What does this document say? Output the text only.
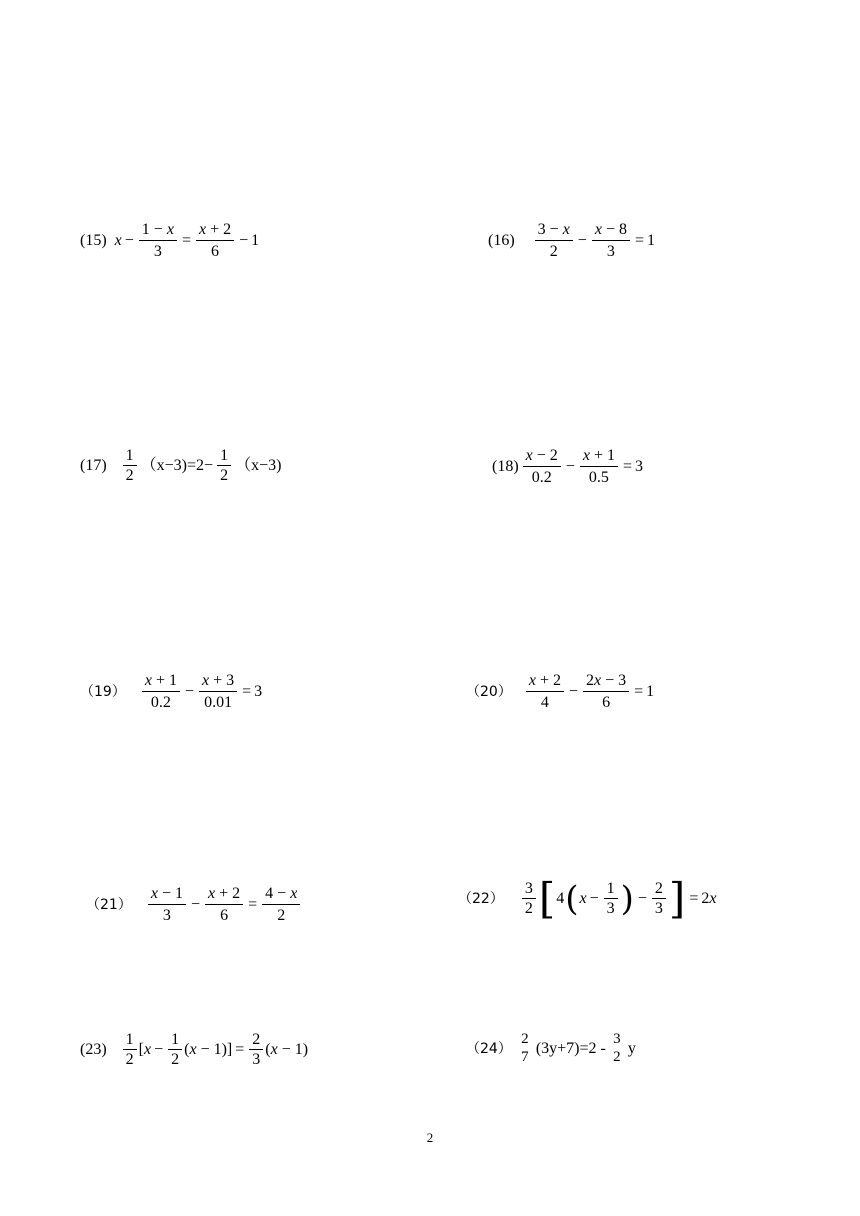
(15) $x - \frac{1 - x}{3} = \frac{x + 2}{6} - 1$	$(16) \frac{3 - x}{2} - \frac{x - 8}{3} = 1$
$(17) \frac{1}{2} (x-3)=2- \frac{1}{2} (x-3)$	$(18) \frac{x - 2}{0.2} - \frac{x + 1}{0.5} = 3$
$(19) \frac{x + 1}{0.2} - \frac{x + 3}{0.01} = 3$	$(20) \frac{x + 2}{4} - \frac{2x - 3}{6} = 1$
$(21) \frac{x - 1}{3} - \frac{x + 2}{6} = \frac{4 - x}{2}$	$(22) \frac{3}{2}$ [ 4 ( $x - \frac{1}{3}$ ) − $\frac{2}{3}$ ] = 2x
$(23) \frac{1}{2} [x - \frac{1}{2} (x - 1)] = \frac{2}{3} (x - 1)$	（24）
2
7
(3y+7)=2 -
3
2
y
2
